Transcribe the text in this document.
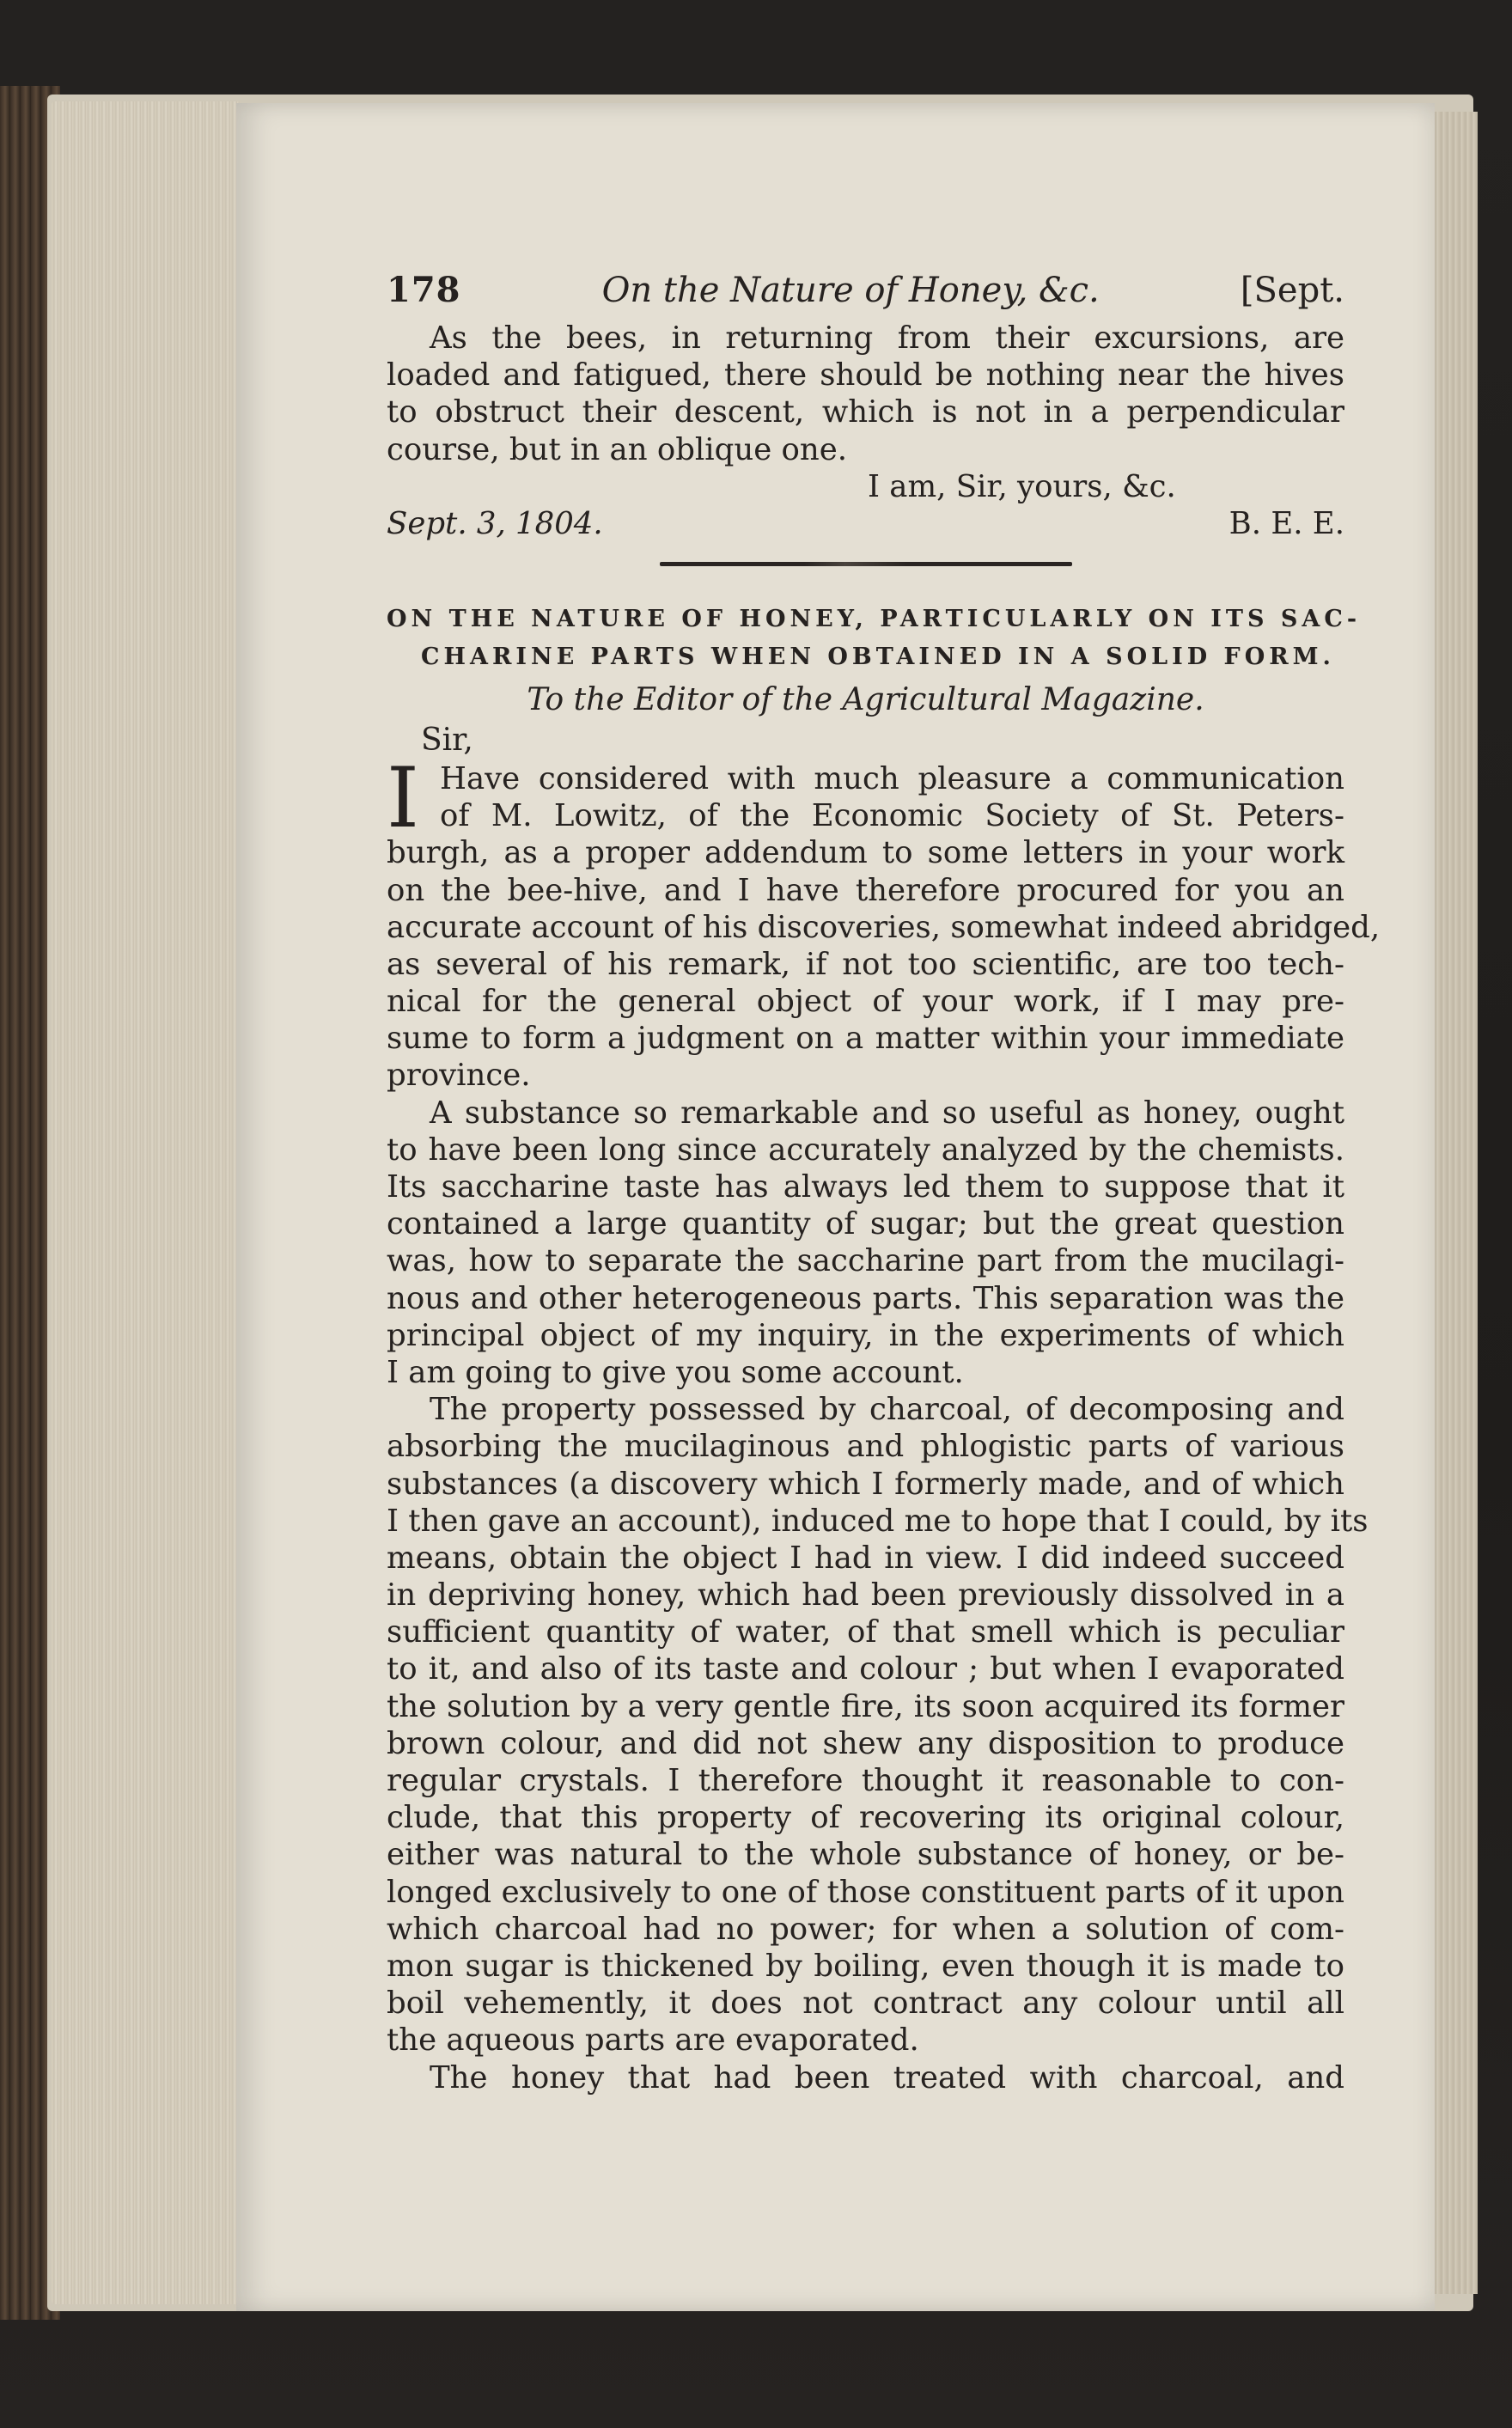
178	On the Nature of Honey, &c.	[Sept.
As the bees, in returning from their excursions, are
loaded and fatigued, there should be nothing near the hives
to obstruct their descent, which is not in a perpendicular
course, but in an oblique one.
I am, Sir, yours, &c.
Sept. 3, 1804.	B. E. E.
ON THE NATURE OF HONEY, PARTICULARLY ON ITS SAC-
CHARINE PARTS WHEN OBTAINED IN A SOLID FORM.
To the Editor of the Agricultural Magazine.
Sir,
I Have considered with much pleasure a communication
of M. Lowitz, of the Economic Society of St. Peters-
burgh, as a proper addendum to some letters in your work
on the bee-hive, and I have therefore procured for you an
accurate account of his discoveries, somewhat indeed abridged,
as several of his remark, if not too scientific, are too tech-
nical for the general object of your work, if I may pre-
sume to form a judgment on a matter within your immediate
province.
A substance so remarkable and so useful as honey, ought
to have been long since accurately analyzed by the chemists.
Its saccharine taste has always led them to suppose that it
contained a large quantity of sugar; but the great question
was, how to separate the saccharine part from the mucilagi-
nous and other heterogeneous parts. This separation was the
principal object of my inquiry, in the experiments of which
I am going to give you some account.
The property possessed by charcoal, of decomposing and
absorbing the mucilaginous and phlogistic parts of various
substances (a discovery which I formerly made, and of which
I then gave an account), induced me to hope that I could, by its
means, obtain the object I had in view. I did indeed succeed
in depriving honey, which had been previously dissolved in a
sufficient quantity of water, of that smell which is peculiar
to it, and also of its taste and colour ; but when I evaporated
the solution by a very gentle fire, its soon acquired its former
brown colour, and did not shew any disposition to produce
regular crystals. I therefore thought it reasonable to con-
clude, that this property of recovering its original colour,
either was natural to the whole substance of honey, or be-
longed exclusively to one of those constituent parts of it upon
which charcoal had no power; for when a solution of com-
mon sugar is thickened by boiling, even though it is made to
boil vehemently, it does not contract any colour until all
the aqueous parts are evaporated.
The honey that had been treated with charcoal, and
